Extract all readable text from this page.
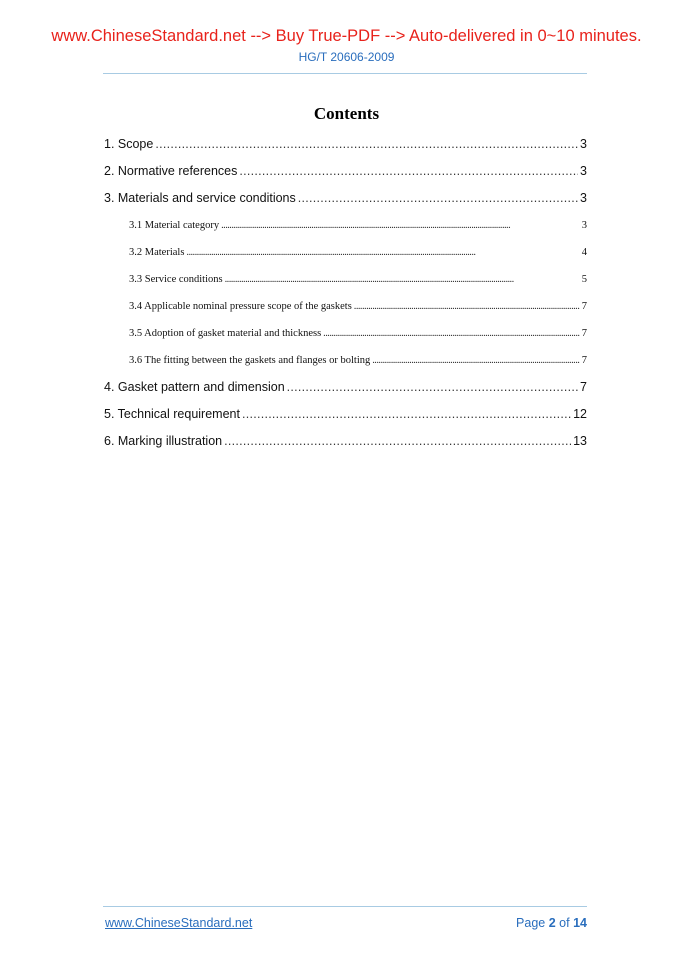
www.ChineseStandard.net --> Buy True-PDF --> Auto-delivered in 0~10 minutes.
HG/T 20606-2009
Contents
1. Scope . . .	3
2. Normative references . . .	3
3. Materials and service conditions . . .	3
3.1 Material category . . .	3
3.2 Materials . . .	4
3.3 Service conditions . . .	5
3.4 Applicable nominal pressure scope of the gaskets . . .	7
3.5 Adoption of gasket material and thickness . . .	7
3.6 The fitting between the gaskets and flanges or bolting . . .	7
4. Gasket pattern and dimension . . .	7
5. Technical requirement . . .	12
6. Marking illustration . . .	13
www.ChineseStandard.net	Page 2 of 14
